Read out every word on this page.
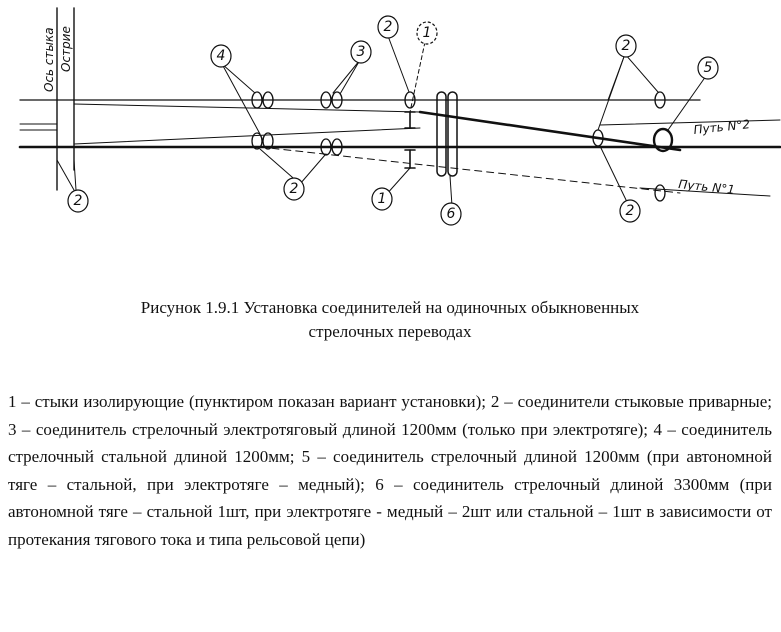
2
4	3
2 1
2
1
6
2
5
2
Ось стыка Острие
Путь N°2
Путь N°1
Рисунок 1.9.1 Установка соединителей на одиночных обыкновенных
стрелочных переводах
1 – стыки изолирующие (пунктиром показан вариант установки); 2 – соединители стыковые приварные; 3 – соединитель стрелочный электротяговый длиной 1200мм (только при электротяге); 4 – соединитель стрелочный стальной длиной 1200мм; 5 – соединитель стрелочный длиной 1200мм (при автономной тяге – стальной, при электротяге – медный); 6 – соединитель стрелочный длиной 3300мм (при автономной тяге – стальной 1шт, при электротяге - медный – 2шт или стальной – 1шт в зависимости от протекания тягового тока и типа рельсовой цепи)
